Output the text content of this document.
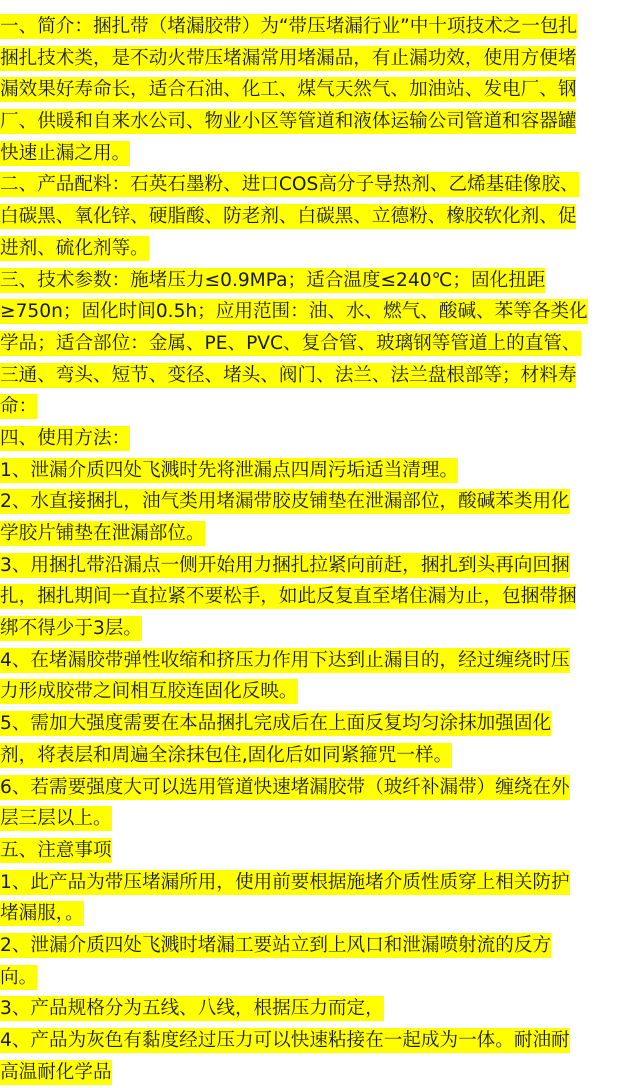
一、简介：捆扎带（堵漏胶带）为“带压堵漏行业”中十项技术之一包扎
捆扎技术类，是不动火带压堵漏常用堵漏品，有止漏功效，使用方便堵
漏效果好寿命长，适合石油、化工、煤气天然气、加油站、发电厂、钢
厂、供暖和自来水公司、物业小区等管道和液体运输公司管道和容器罐
快速止漏之用。
二、产品配料：石英石墨粉、进口COS高分子导热剂、乙烯基硅像胶、
白碳黑、氧化锌、硬脂酸、防老剂、白碳黑、立德粉、橡胶软化剂、促
进剂、硫化剂等。
三、技术参数：施堵压力≤0.9MPa；适合温度≤240℃；固化扭距
≥750n；固化时间0.5h；应用范围：油、水、燃气、酸碱、苯等各类化
学品；适合部位：金属、PE、PVC、复合管、玻璃钢等管道上的直管、
三通、弯头、短节、变径、堵头、阀门、法兰、法兰盘根部等；材料寿
命：
四、使用方法：
1、泄漏介质四处飞溅时先将泄漏点四周污垢适当清理。
2、水直接捆扎，油气类用堵漏带胶皮铺垫在泄漏部位，酸碱苯类用化
学胶片铺垫在泄漏部位。
3、用捆扎带沿漏点一侧开始用力捆扎拉紧向前赶，捆扎到头再向回捆
扎，捆扎期间一直拉紧不要松手，如此反复直至堵住漏为止，包捆带捆
绑不得少于3层。
4、在堵漏胶带弹性收缩和挤压力作用下达到止漏目的，经过缠绕时压
力形成胶带之间相互胶连固化反映。
5、需加大强度需要在本品捆扎完成后在上面反复均匀涂抹加强固化
剂，将表层和周遍全涂抹包住,固化后如同紧箍咒一样。
6、若需要强度大可以选用管道快速堵漏胶带（玻纤补漏带）缠绕在外
层三层以上。
五、注意事项
1、此产品为带压堵漏所用，使用前要根据施堵介质性质穿上相关防护
堵漏服，。
2、泄漏介质四处飞溅时堵漏工要站立到上风口和泄漏喷射流的反方
向。
3、产品规格分为五线、八线，根据压力而定，
4、产品为灰色有黏度经过压力可以快速粘接在一起成为一体。耐油耐
高温耐化学品
